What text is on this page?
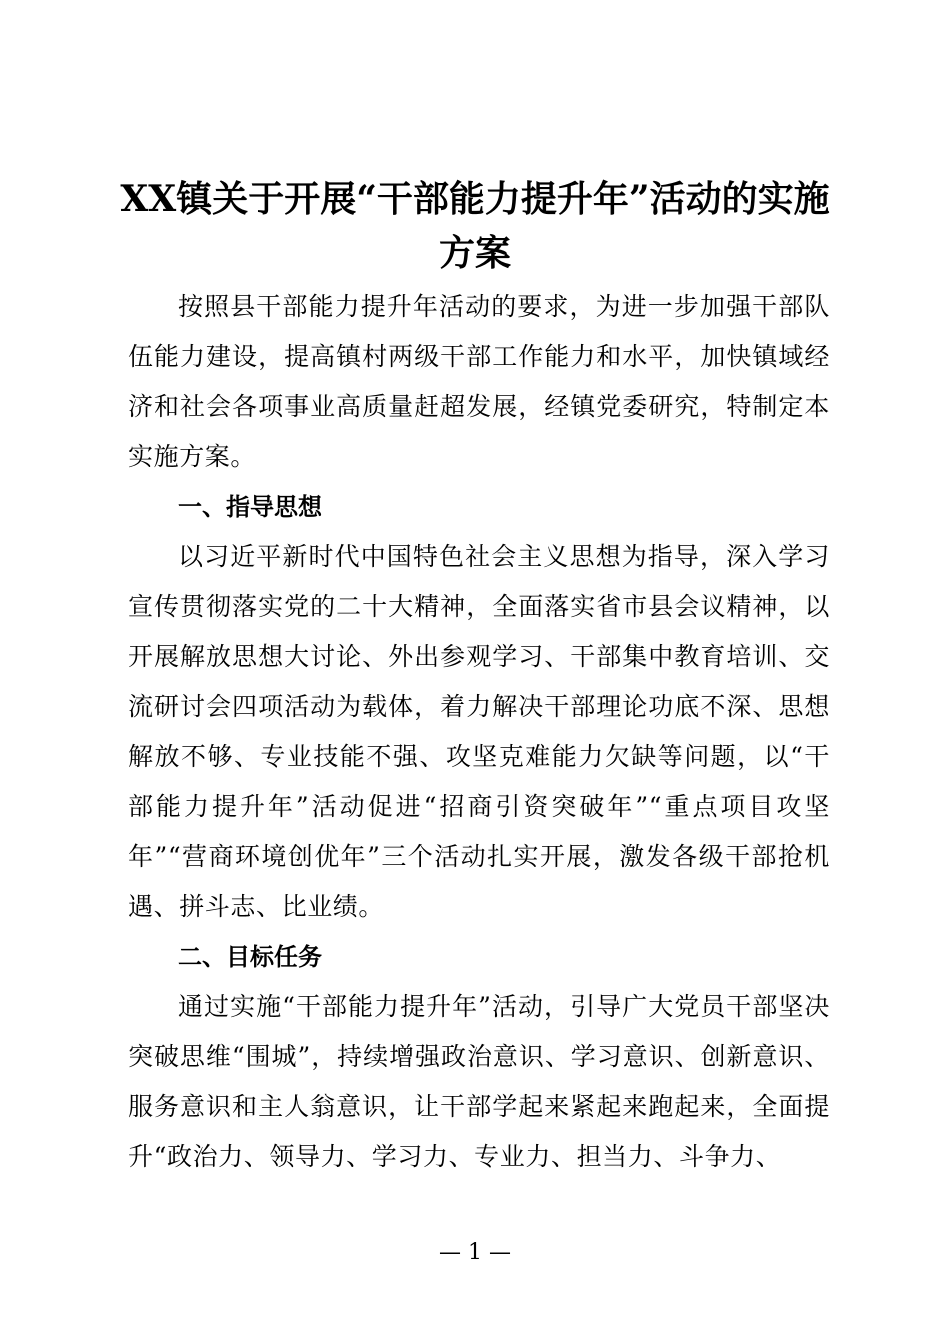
XX镇关于开展“干部能力提升年”活动的实施方案

按照县干部能力提升年活动的要求，为进一步加强干部队伍能力建设，提高镇村两级干部工作能力和水平，加快镇域经济和社会各项事业高质量赶超发展，经镇党委研究，特制定本实施方案。

一、指导思想

以习近平新时代中国特色社会主义思想为指导，深入学习宣传贯彻落实党的二十大精神，全面落实省市县会议精神，以开展解放思想大讨论、外出参观学习、干部集中教育培训、交流研讨会四项活动为载体，着力解决干部理论功底不深、思想解放不够、专业技能不强、攻坚克难能力欠缺等问题，以“干部能力提升年”活动促进“招商引资突破年”“重点项目攻坚年”“营商环境创优年”三个活动扎实开展，激发各级干部抢机遇、拼斗志、比业绩。

二、目标任务

通过实施“干部能力提升年”活动，引导广大党员干部坚决突破思维“围城”，持续增强政治意识、学习意识、创新意识、服务意识和主人翁意识，让干部学起来紧起来跑起来，全面提升“政治力、领导力、学习力、专业力、担当力、斗争力、

— 1 —
